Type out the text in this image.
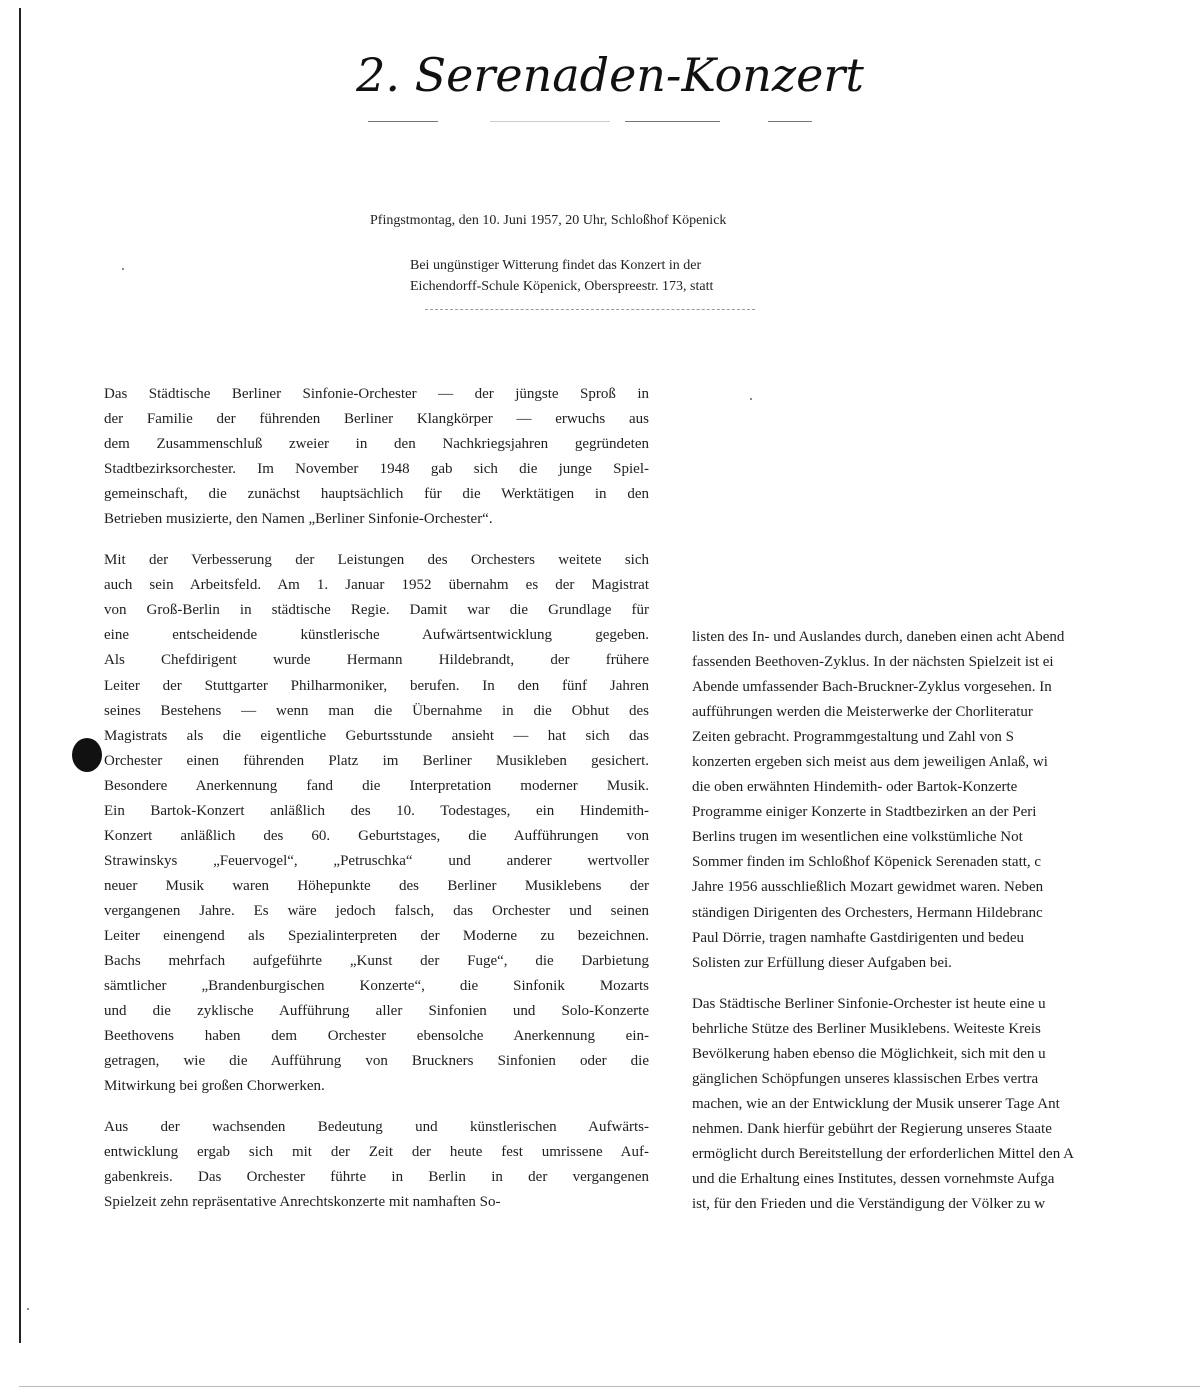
2. Serenaden-Konzert
Pfingstmontag, den 10. Juni 1957, 20 Uhr, Schloßhof Köpenick

Bei ungünstiger Witterung findet das Konzert in der

Eichendorff-Schule Köpenick, Oberspreestr. 173, statt

Das Städtische Berliner Sinfonie-Orchester — der jüngste Sproß in
der Familie der führenden Berliner Klangkörper — erwuchs aus
dem Zusammenschluß zweier in den Nachkriegsjahren gegründeten
Stadtbezirksorchester. Im November 1948 gab sich die junge Spiel-
gemeinschaft, die zunächst hauptsächlich für die Werktätigen in den
Betrieben musizierte, den Namen „Berliner Sinfonie-Orchester“.

Mit der Verbesserung der Leistungen des Orchesters weitete sich
auch sein Arbeitsfeld. Am 1. Januar 1952 übernahm es der Magistrat
von Groß-Berlin in städtische Regie. Damit war die Grundlage für
eine entscheidende künstlerische Aufwärtsentwicklung gegeben.
Als Chefdirigent wurde Hermann Hildebrandt, der frühere
Leiter der Stuttgarter Philharmoniker, berufen. In den fünf Jahren
seines Bestehens — wenn man die Übernahme in die Obhut des
Magistrats als die eigentliche Geburtsstunde ansieht — hat sich das
Orchester einen führenden Platz im Berliner Musikleben gesichert.
Besondere Anerkennung fand die Interpretation moderner Musik.
Ein Bartok-Konzert anläßlich des 10. Todestages, ein Hindemith-
Konzert anläßlich des 60. Geburtstages, die Aufführungen von
Strawinskys „Feuervogel“, „Petruschka“ und anderer wertvoller
neuer Musik waren Höhepunkte des Berliner Musiklebens der
vergangenen Jahre. Es wäre jedoch falsch, das Orchester und seinen
Leiter einengend als Spezialinterpreten der Moderne zu bezeichnen.
Bachs mehrfach aufgeführte „Kunst der Fuge“, die Darbietung
sämtlicher „Brandenburgischen Konzerte“, die Sinfonik Mozarts
und die zyklische Aufführung aller Sinfonien und Solo-Konzerte
Beethovens haben dem Orchester ebensolche Anerkennung ein-
getragen, wie die Aufführung von Bruckners Sinfonien oder die
Mitwirkung bei großen Chorwerken.

Aus der wachsenden Bedeutung und künstlerischen Aufwärts-
entwicklung ergab sich mit der Zeit der heute fest umrissene Auf-
gabenkreis. Das Orchester führte in Berlin in der vergangenen
Spielzeit zehn repräsentative Anrechtskonzerte mit namhaften So-

listen des In- und Auslandes durch, daneben einen acht Abend
fassenden Beethoven-Zyklus. In der nächsten Spielzeit ist ei
Abende umfassender Bach-Bruckner-Zyklus vorgesehen. In
aufführungen werden die Meisterwerke der Chorliteratur
Zeiten gebracht. Programmgestaltung und Zahl von S
konzerten ergeben sich meist aus dem jeweiligen Anlaß, wi
die oben erwähnten Hindemith- oder Bartok-Konzerte
Programme einiger Konzerte in Stadtbezirken an der Peri
Berlins trugen im wesentlichen eine volkstümliche Not
Sommer finden im Schloßhof Köpenick Serenaden statt, c
Jahre 1956 ausschließlich Mozart gewidmet waren. Neben
ständigen Dirigenten des Orchesters, Hermann Hildebranc
Paul Dörrie, tragen namhafte Gastdirigenten und bedeu
Solisten zur Erfüllung dieser Aufgaben bei.

Das Städtische Berliner Sinfonie-Orchester ist heute eine u
behrliche Stütze des Berliner Musiklebens. Weiteste Kreis
Bevölkerung haben ebenso die Möglichkeit, sich mit den u
gänglichen Schöpfungen unseres klassischen Erbes vertra
machen, wie an der Entwicklung der Musik unserer Tage Ant
nehmen. Dank hierfür gebührt der Regierung unseres Staate
ermöglicht durch Bereitstellung der erforderlichen Mittel den A
und die Erhaltung eines Institutes, dessen vornehmste Aufga
ist, für den Frieden und die Verständigung der Völker zu w
